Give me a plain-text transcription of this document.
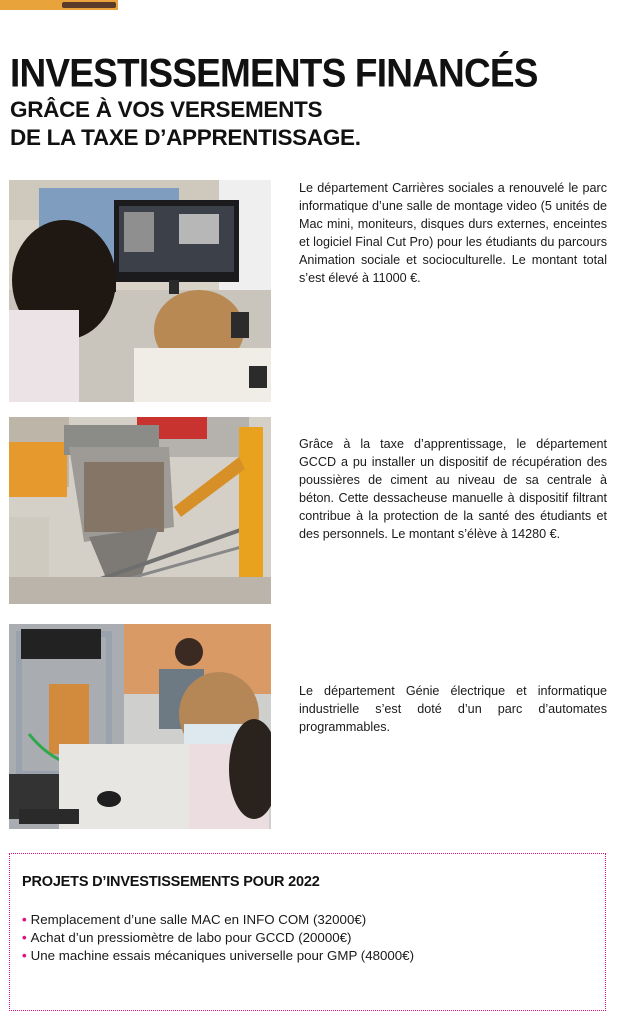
INVESTISSEMENTS FINANCÉS
GRÂCE À VOS VERSEMENTS
DE LA TAXE D’APPRENTISSAGE.

Le département Carrières sociales a renouvelé le parc informatique d’une salle de montage video (5 unités de Mac mini, moniteurs, disques durs externes, enceintes et logiciel Final Cut Pro) pour les étudiants du parcours Animation sociale et socioculturelle. Le montant total s’est élevé à 11000 €.

Grâce à la taxe d’apprentissage, le département GCCD a pu installer un dispositif de récupération des poussières de ciment au niveau de sa centrale à béton. Cette dessacheuse manuelle à dispositif filtrant contribue à la protection de la santé des étudiants et des personnels. Le montant s’élève à 14280 €.

Le département Génie électrique et informatique industrielle s’est doté d’un parc d’automates programmables.

PROJETS D’INVESTISSEMENTS POUR 2022
• Remplacement d’une salle MAC en INFO COM (32000€)
• Achat d’un pressiomètre de labo pour GCCD (20000€)
• Une machine essais mécaniques universelle pour GMP (48000€)
